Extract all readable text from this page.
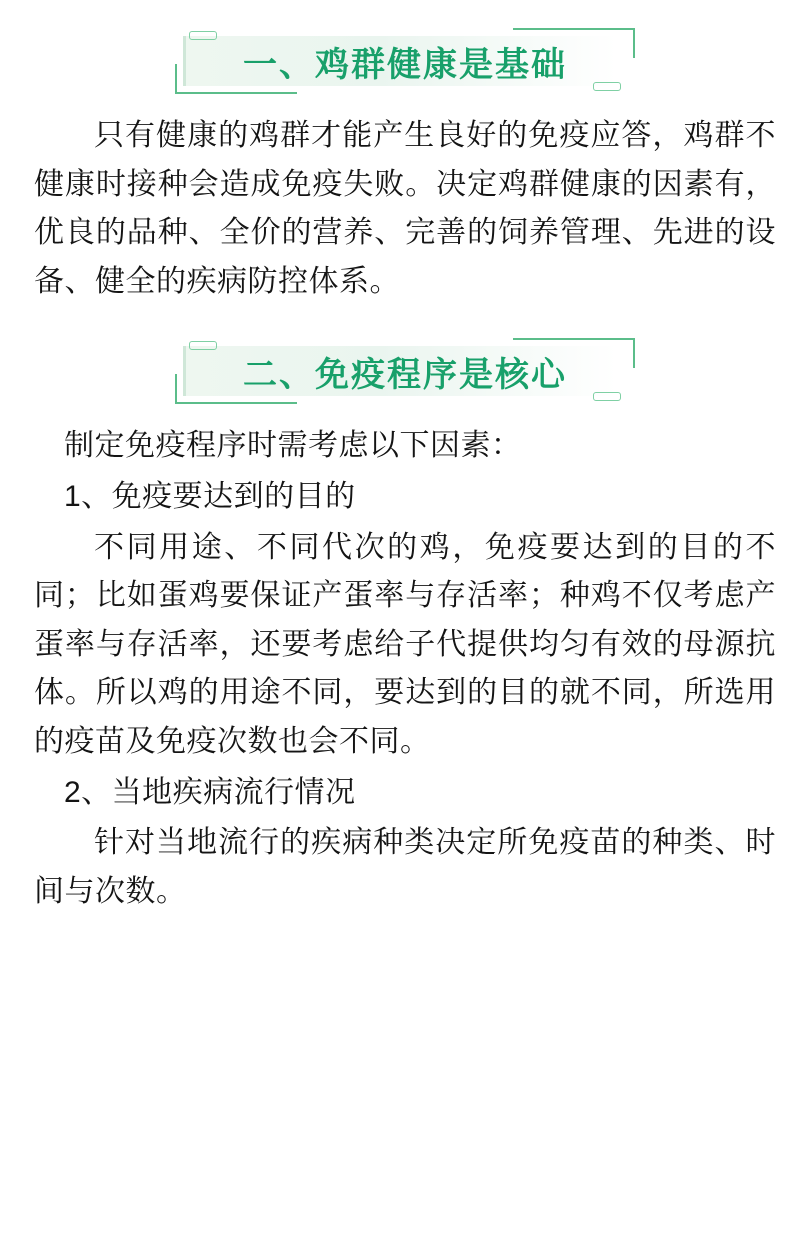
一、鸡群健康是基础

只有健康的鸡群才能产生良好的免疫应答，鸡群不健康时接种会造成免疫失败。决定鸡群健康的因素有，优良的品种、全价的营养、完善的饲养管理、先进的设备、健全的疾病防控体系。

二、免疫程序是核心

制定免疫程序时需考虑以下因素：

1、免疫要达到的目的

不同用途、不同代次的鸡，免疫要达到的目的不同；比如蛋鸡要保证产蛋率与存活率；种鸡不仅考虑产蛋率与存活率，还要考虑给子代提供均匀有效的母源抗体。所以鸡的用途不同，要达到的目的就不同，所选用的疫苗及免疫次数也会不同。

2、当地疾病流行情况

针对当地流行的疾病种类决定所免疫苗的种类、时间与次数。
